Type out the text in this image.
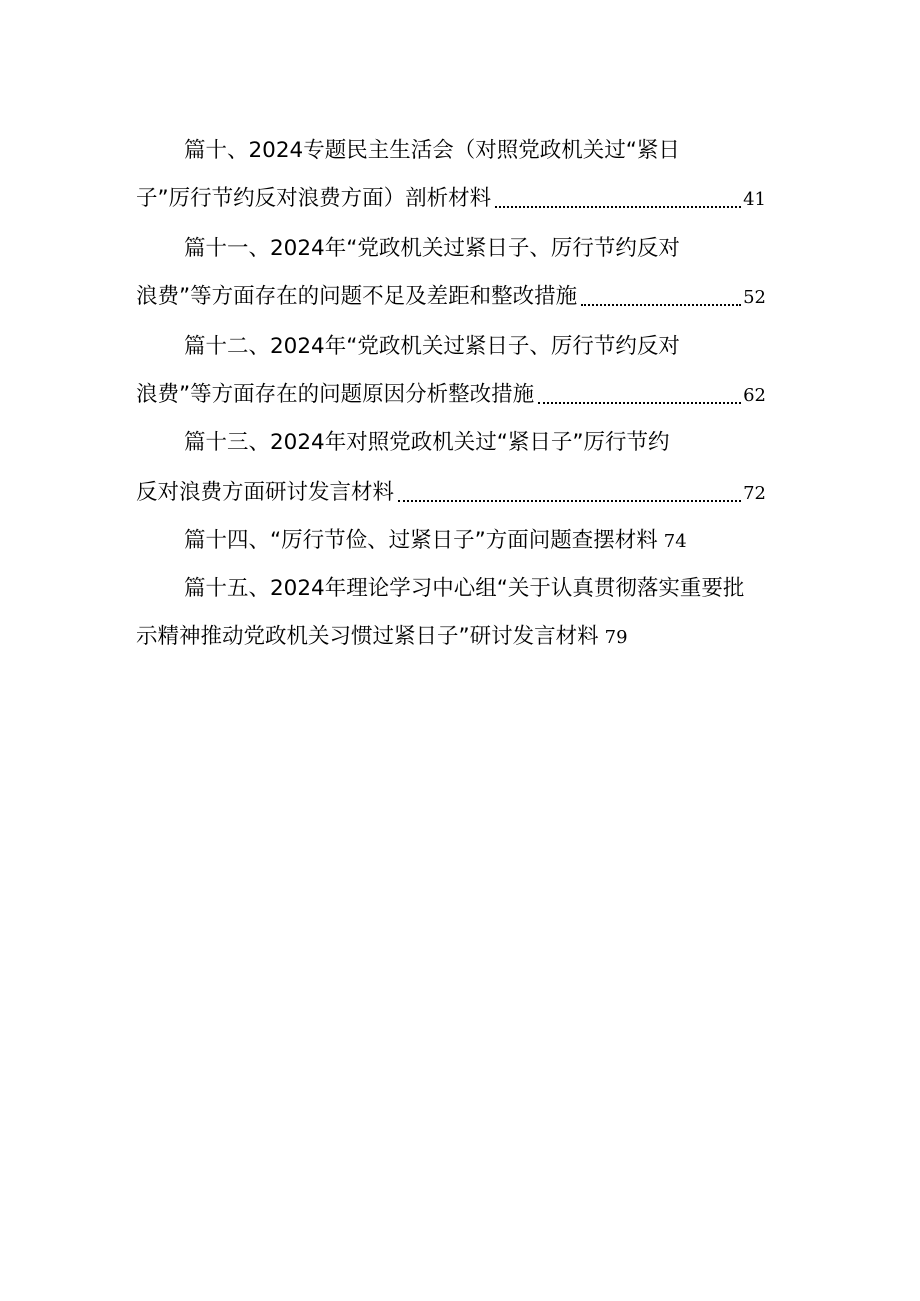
篇十、2024专题民主生活会（对照党政机关过“紧日
子”厉行节约反对浪费方面）剖析材料	41
篇十一、2024年“党政机关过紧日子、厉行节约反对
浪费”等方面存在的问题不足及差距和整改措施	52
篇十二、2024年“党政机关过紧日子、厉行节约反对
浪费”等方面存在的问题原因分析整改措施	62
篇十三、2024年对照党政机关过“紧日子”厉行节约
反对浪费方面研讨发言材料	72
篇十四、“厉行节俭、过紧日子”方面问题查摆材料 74
篇十五、2024年理论学习中心组“关于认真贯彻落实重要批
示精神推动党政机关习惯过紧日子”研讨发言材料 79
